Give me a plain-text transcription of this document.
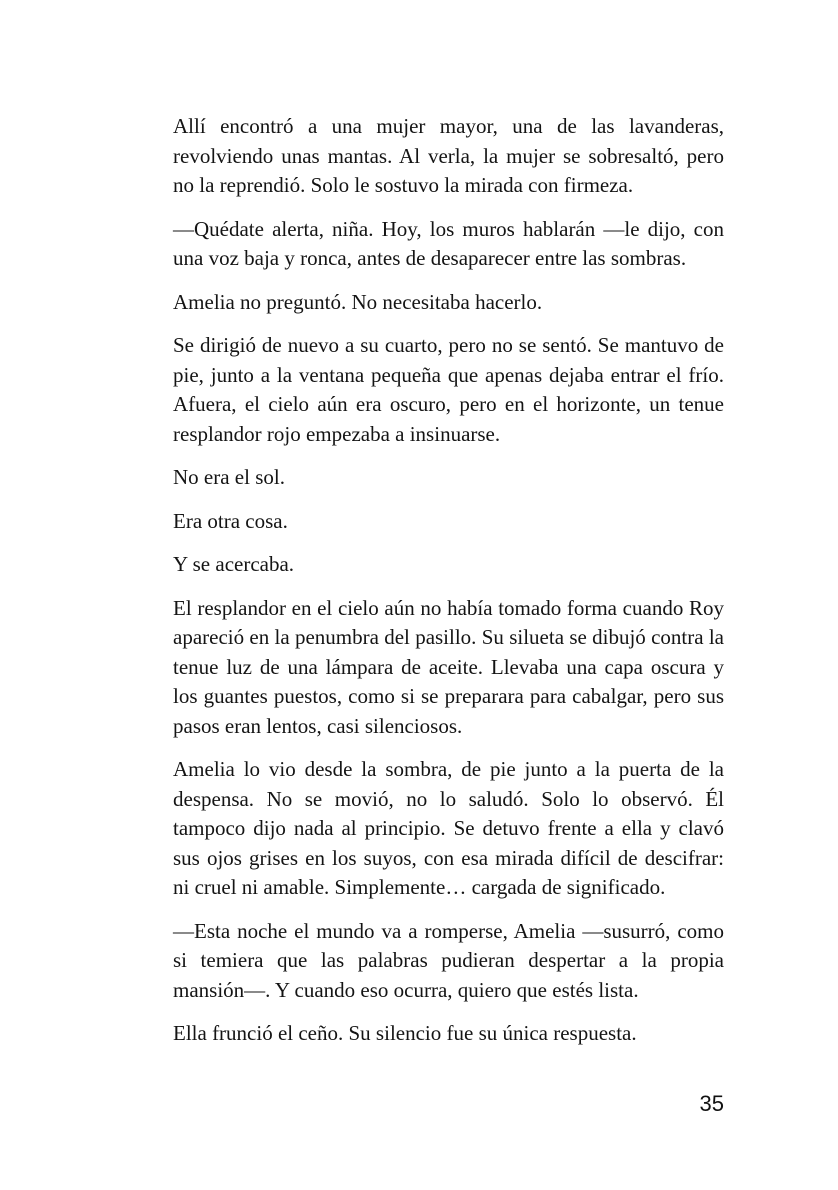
Allí encontró a una mujer mayor, una de las lavanderas, revolviendo unas mantas. Al verla, la mujer se sobresaltó, pero no la reprendió. Solo le sostuvo la mirada con firmeza.

—Quédate alerta, niña. Hoy, los muros hablarán —le dijo, con una voz baja y ronca, antes de desaparecer entre las sombras.

Amelia no preguntó. No necesitaba hacerlo.

Se dirigió de nuevo a su cuarto, pero no se sentó. Se mantuvo de pie, junto a la ventana pequeña que apenas dejaba entrar el frío. Afuera, el cielo aún era oscuro, pero en el horizonte, un tenue resplandor rojo empezaba a insinuarse.

No era el sol.

Era otra cosa.

Y se acercaba.

El resplandor en el cielo aún no había tomado forma cuando Roy apareció en la penumbra del pasillo. Su silueta se dibujó contra la tenue luz de una lámpara de aceite. Llevaba una capa oscura y los guantes puestos, como si se preparara para cabalgar, pero sus pasos eran lentos, casi silenciosos.

Amelia lo vio desde la sombra, de pie junto a la puerta de la despensa. No se movió, no lo saludó. Solo lo observó. Él tampoco dijo nada al principio. Se detuvo frente a ella y clavó sus ojos grises en los suyos, con esa mirada difícil de descifrar: ni cruel ni amable. Simplemente… cargada de significado.

—Esta noche el mundo va a romperse, Amelia —susurró, como si temiera que las palabras pudieran despertar a la propia mansión—. Y cuando eso ocurra, quiero que estés lista.

Ella frunció el ceño. Su silencio fue su única respuesta.

35
